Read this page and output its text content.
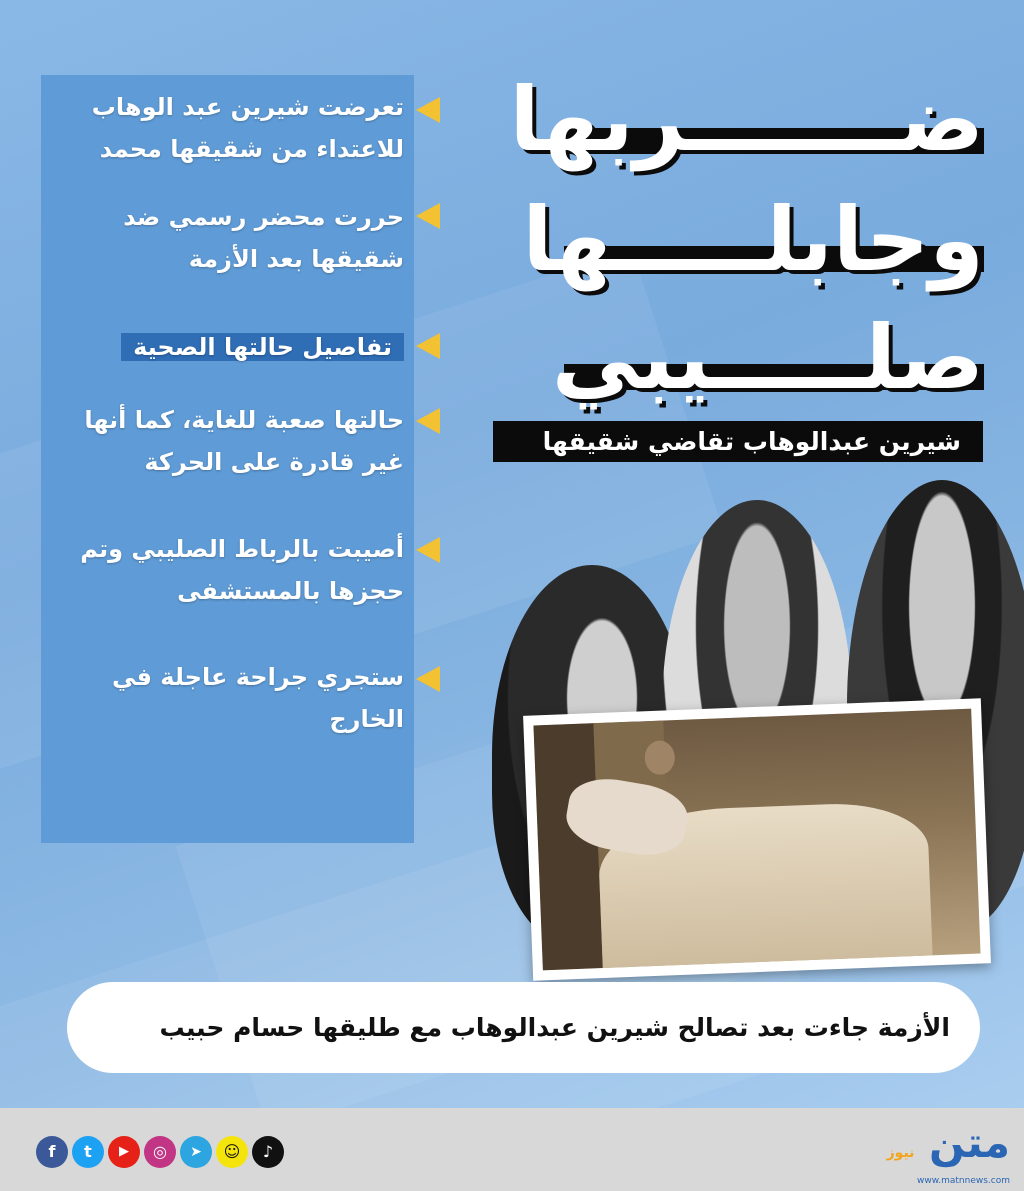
تعرضت شيرين عبد الوهاب للاعتداء من شقيقها محمد
حررت محضر رسمي ضد شقيقها بعد الأزمة
تفاصيل حالتها الصحية
حالتها صعبة للغاية، كما أنها غير قادرة على الحركة
أصيبت بالرباط الصليبي وتم حجزها بالمستشفى
ستجري جراحة عاجلة في الخارج
ضـــــــربها
وجابلـــــها
صلـــــيبي
شيرين عبدالوهاب تقاضي شقيقها
الأزمة جاءت بعد تصالح شيرين عبدالوهاب مع طليقها حسام حبيب
f	t	▶	◎	➤	☺	♪	متن نيوز
www.matnnews.com
